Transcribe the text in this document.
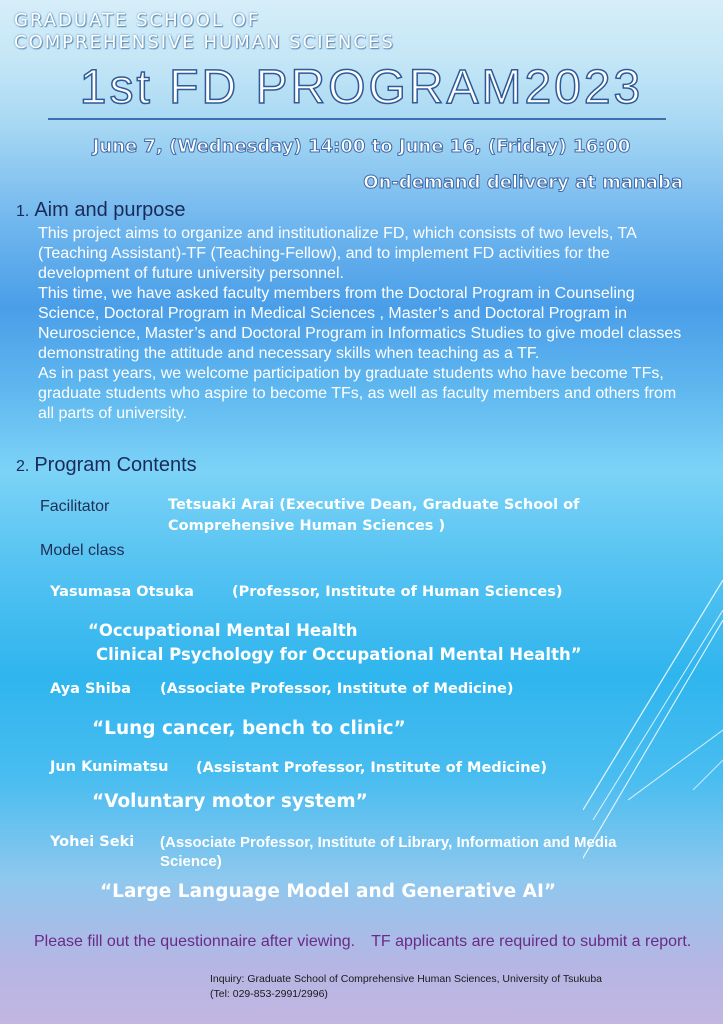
GRADUATE SCHOOL OF
COMPREHENSIVE HUMAN SCIENCES
1st FD PROGRAM2023
June 7, (Wednesday) 14:00 to June 16, (Friday) 16:00
On-demand delivery at manaba
1. Aim and purpose

This project aims to organize and institutionalize FD, which consists of two levels, TA (Teaching Assistant)-TF (Teaching-Fellow), and to implement FD activities for the development of future university personnel.

This time, we have asked faculty members from the Doctoral Program in Counseling Science, Doctoral Program in Medical Sciences , Master’s and Doctoral Program in Neuroscience, Master’s and Doctoral Program in Informatics Studies to give model classes demonstrating the attitude and necessary skills when teaching as a TF.

As in past years, we welcome participation by graduate students who have become TFs, graduate students who aspire to become TFs, as well as faculty members and others from all parts of university.

2. Program Contents
Facilitator	Tetsuaki Arai (Executive Dean, Graduate School of
Comprehensive Human Sciences )
Model class
Yasumasa Otsuka	(Professor, Institute of Human Sciences)
“Occupational Mental Health
Clinical Psychology for Occupational Mental Health”
Aya Shiba (Associate Professor, Institute of Medicine)
“Lung cancer, bench to clinic”
Jun Kunimatsu (Assistant Professor, Institute of Medicine)
“Voluntary motor system”
Yohei Seki (Associate Professor, Institute of Library, Information and Media Science)
“Large Language Model and Generative AI”
Please fill out the questionnaire after viewing.　TF applicants are required to submit a report.
Inquiry: Graduate School of Comprehensive Human Sciences, University of Tsukuba
(Tel: 029-853-2991/2996)
